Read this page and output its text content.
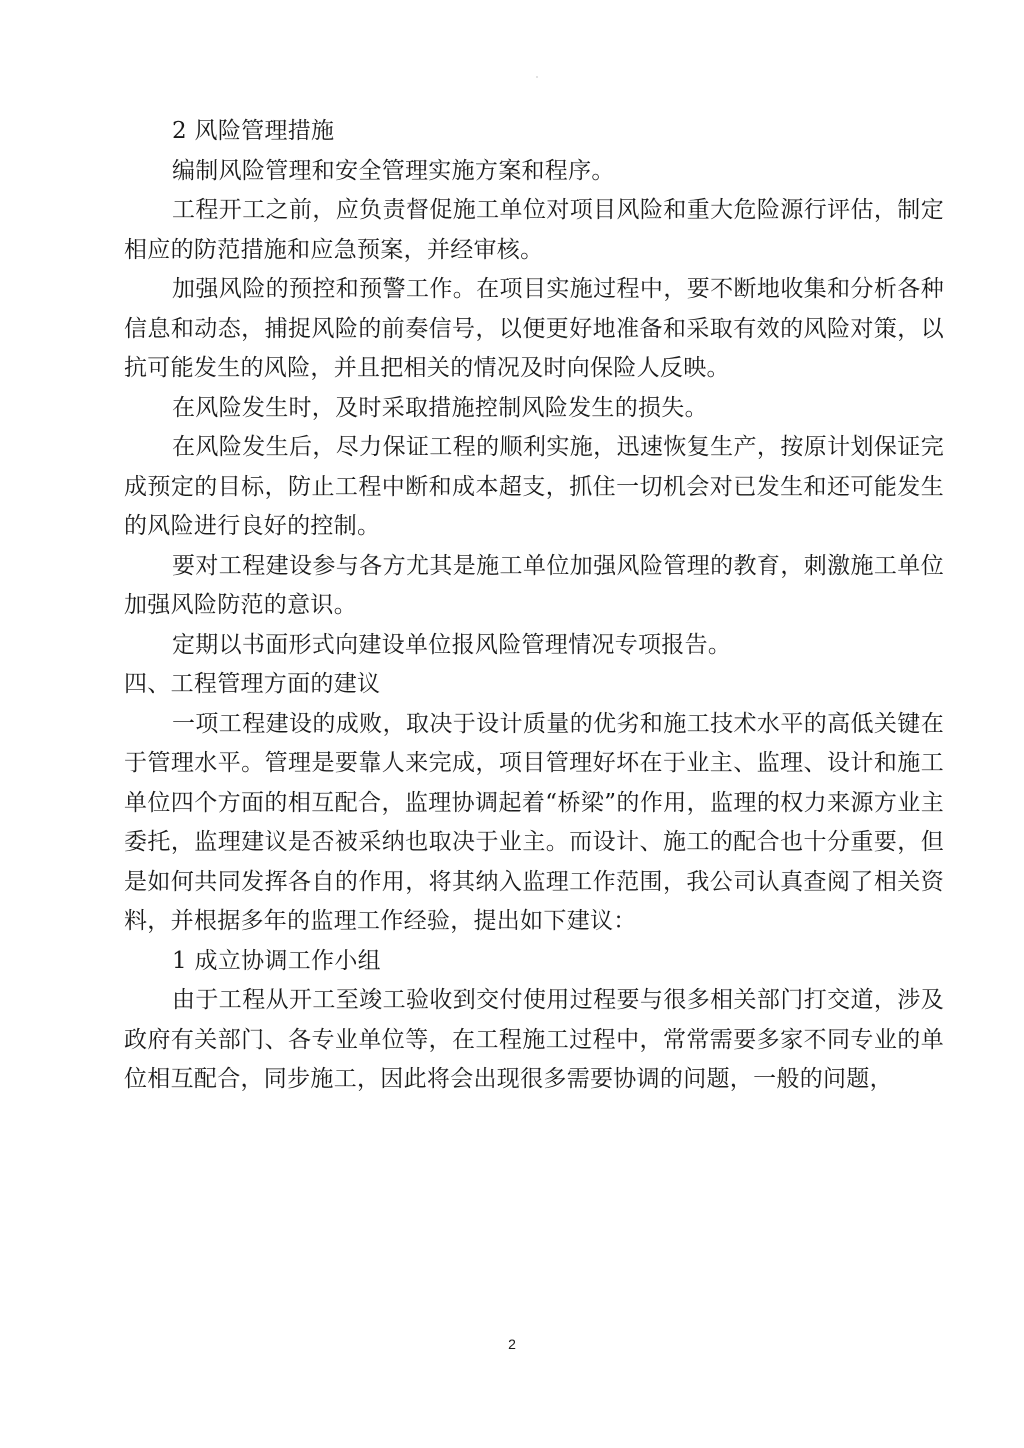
2 风险管理措施

编制风险管理和安全管理实施方案和程序。

工程开工之前，应负责督促施工单位对项目风险和重大危险源行评估，制定相应的防范措施和应急预案，并经审核。

加强风险的预控和预警工作。在项目实施过程中，要不断地收集和分析各种信息和动态，捕捉风险的前奏信号，以便更好地准备和采取有效的风险对策，以抗可能发生的风险，并且把相关的情况及时向保险人反映。

在风险发生时，及时采取措施控制风险发生的损失。

在风险发生后，尽力保证工程的顺利实施，迅速恢复生产，按原计划保证完成预定的目标，防止工程中断和成本超支，抓住一切机会对已发生和还可能发生的风险进行良好的控制。

要对工程建设参与各方尤其是施工单位加强风险管理的教育，刺激施工单位加强风险防范的意识。

定期以书面形式向建设单位报风险管理情况专项报告。

四、工程管理方面的建议

一项工程建设的成败，取决于设计质量的优劣和施工技术水平的高低关键在于管理水平。管理是要靠人来完成，项目管理好坏在于业主、监理、设计和施工单位四个方面的相互配合，监理协调起着“桥梁”的作用，监理的权力来源方业主委托，监理建议是否被采纳也取决于业主。而设计、施工的配合也十分重要，但是如何共同发挥各自的作用，将其纳入监理工作范围，我公司认真查阅了相关资料，并根据多年的监理工作经验，提出如下建议：

1 成立协调工作小组

由于工程从开工至竣工验收到交付使用过程要与很多相关部门打交道，涉及政府有关部门、各专业单位等，在工程施工过程中，常常需要多家不同专业的单位相互配合，同步施工，因此将会出现很多需要协调的问题，一般的问题，

2
